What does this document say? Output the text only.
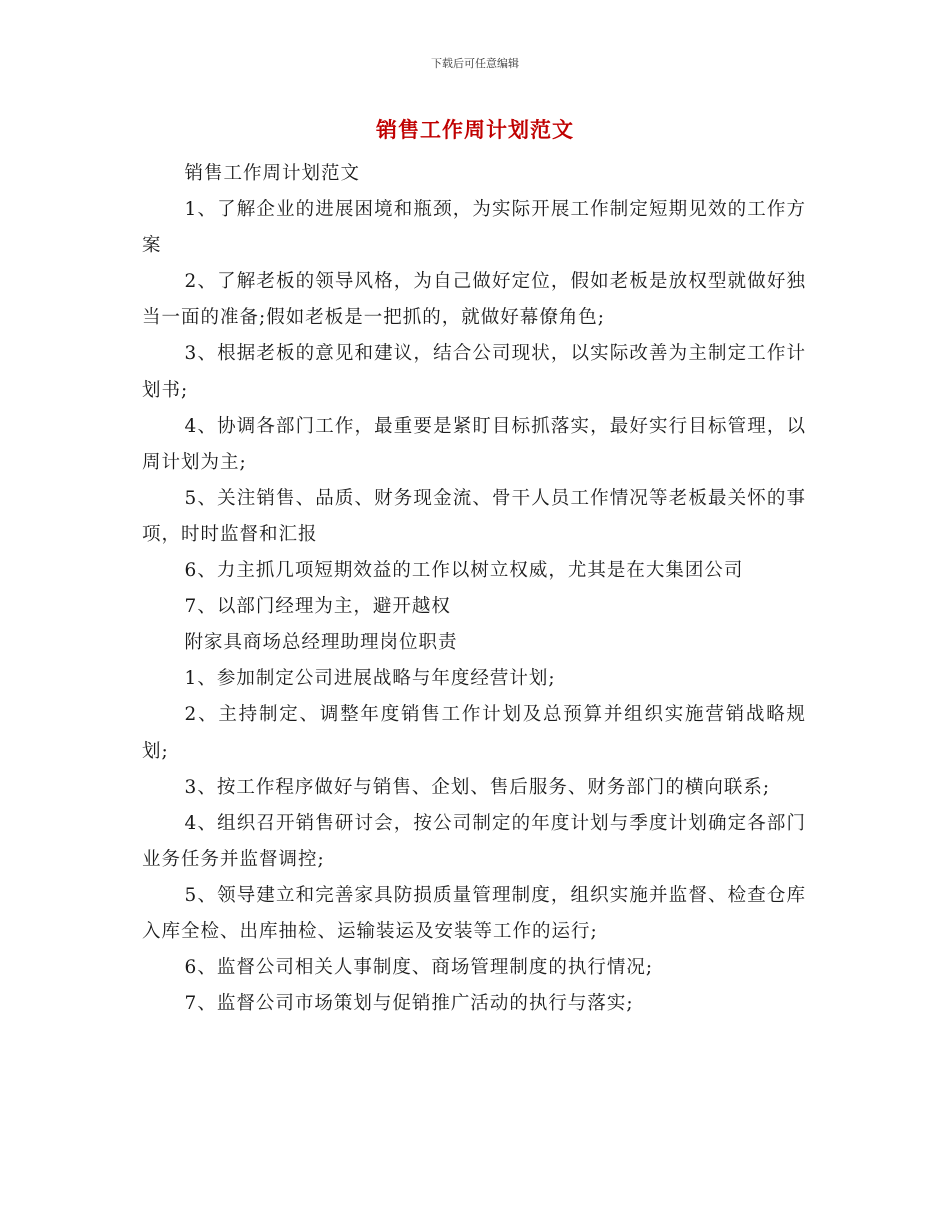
下载后可任意编辑
销售工作周计划范文

销售工作周计划范文

1、了解企业的进展困境和瓶颈，为实际开展工作制定短期见效的工作方案

2、了解老板的领导风格，为自己做好定位，假如老板是放权型就做好独当一面的准备;假如老板是一把抓的，就做好幕僚角色;

3、根据老板的意见和建议，结合公司现状，以实际改善为主制定工作计划书;

4、协调各部门工作，最重要是紧盯目标抓落实，最好实行目标管理，以周计划为主;

5、关注销售、品质、财务现金流、骨干人员工作情况等老板最关怀的事项，时时监督和汇报

6、力主抓几项短期效益的工作以树立权威，尤其是在大集团公司

7、以部门经理为主，避开越权

附家具商场总经理助理岗位职责

1、参加制定公司进展战略与年度经营计划;

2、主持制定、调整年度销售工作计划及总预算并组织实施营销战略规划;

3、按工作程序做好与销售、企划、售后服务、财务部门的横向联系;

4、组织召开销售研讨会，按公司制定的年度计划与季度计划确定各部门业务任务并监督调控;

5、领导建立和完善家具防损质量管理制度，组织实施并监督、检查仓库入库全检、出库抽检、运输装运及安装等工作的运行;

6、监督公司相关人事制度、商场管理制度的执行情况;

7、监督公司市场策划与促销推广活动的执行与落实;
